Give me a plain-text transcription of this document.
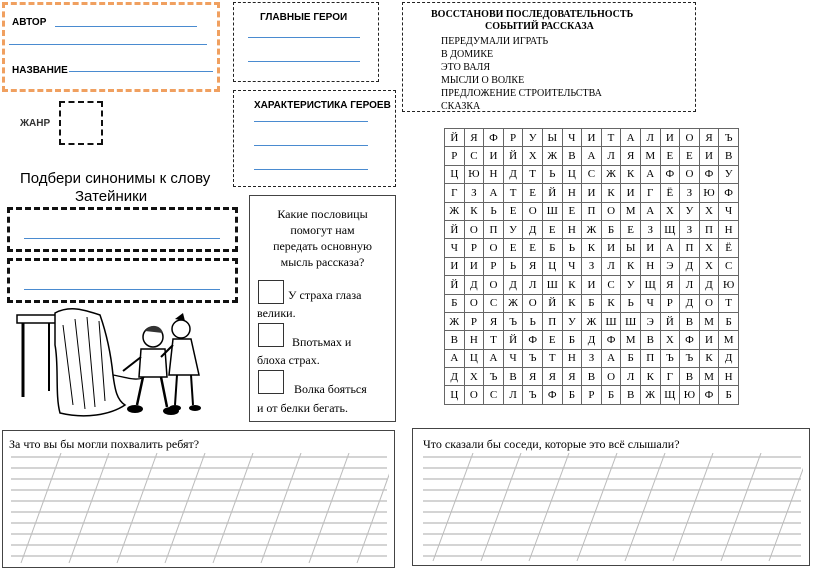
АВТОР
НАЗВАНИЕ
ГЛАВНЫЕ ГЕРОИ	ВОССТАНОВИ ПОСЛЕДОВАТЕЛЬНОСТЬ
СОБЫТИЙ РАССКАЗА
ПЕРЕДУМАЛИ ИГРАТЬ
В ДОМИКЕ
ЭТО ВАЛЯ
МЫСЛИ О ВОЛКЕ
ПРЕДЛОЖЕНИЕ СТРОИТЕЛЬСТВА
СКАЗКА
ЖАНР
ХАРАКТЕРИСТИКА ГЕРОЕВ
Подбери синонимы к слову
Затейники
Какие пословицы
помогут нам
передать основную
мысль рассказа?
У страха глаза
велики.
Впотьмах и
блоха страх.
Волка бояться
и от белки бегать.
Й	Я	Ф	Р	У	Ы	Ч	И	Т	А	Л	И	О	Я	Ъ
Р	С	И	Й	Х	Ж	В	А	Л	Я	М	Е	Е	И	В
Ц	Ю	Н	Д	Т	Ь	Ц	С	Ж	К	А	Ф	О	Ф	У
Г	З	А	Т	Е	Й	Н	И	К	И	Г	Ё	З	Ю	Ф
Ж	К	Ь	Е	О	Ш	Е	П	О	М	А	Х	У	Х	Ч
Й	О	П	У	Д	Е	Н	Ж	Б	Е	З	Щ	З	П	Н
Ч	Р	О	Е	Е	Б	Ь	К	И	Ы	И	А	П	Х	Ё
И	И	Р	Ь	Я	Ц	Ч	З	Л	К	Н	Э	Д	Х	С
Й	Д	О	Д	Л	Ш	К	И	С	У	Щ	Я	Л	Д	Ю
Б	О	С	Ж	О	Й	К	Б	К	Ь	Ч	Р	Д	О	Т
Ж	Р	Я	Ъ	Ь	П	У	Ж	Ш	Ш	Э	Й	В	М	Б
В	Н	Т	Й	Ф	Е	Б	Д	Ф	М	В	Х	Ф	И	М
А	Ц	А	Ч	Ъ	Т	Н	З	А	Б	П	Ъ	Ъ	К	Д
Д	Х	Ъ	В	Я	Я	Я	В	О	Л	К	Г	В	М	Н
Ц	О	С	Л	Ъ	Ф	Б	Р	Б	В	Ж	Щ	Ю	Ф	Б
За что вы бы могли похвалить ребят?	Что сказали бы соседи, которые это всё слышали?
